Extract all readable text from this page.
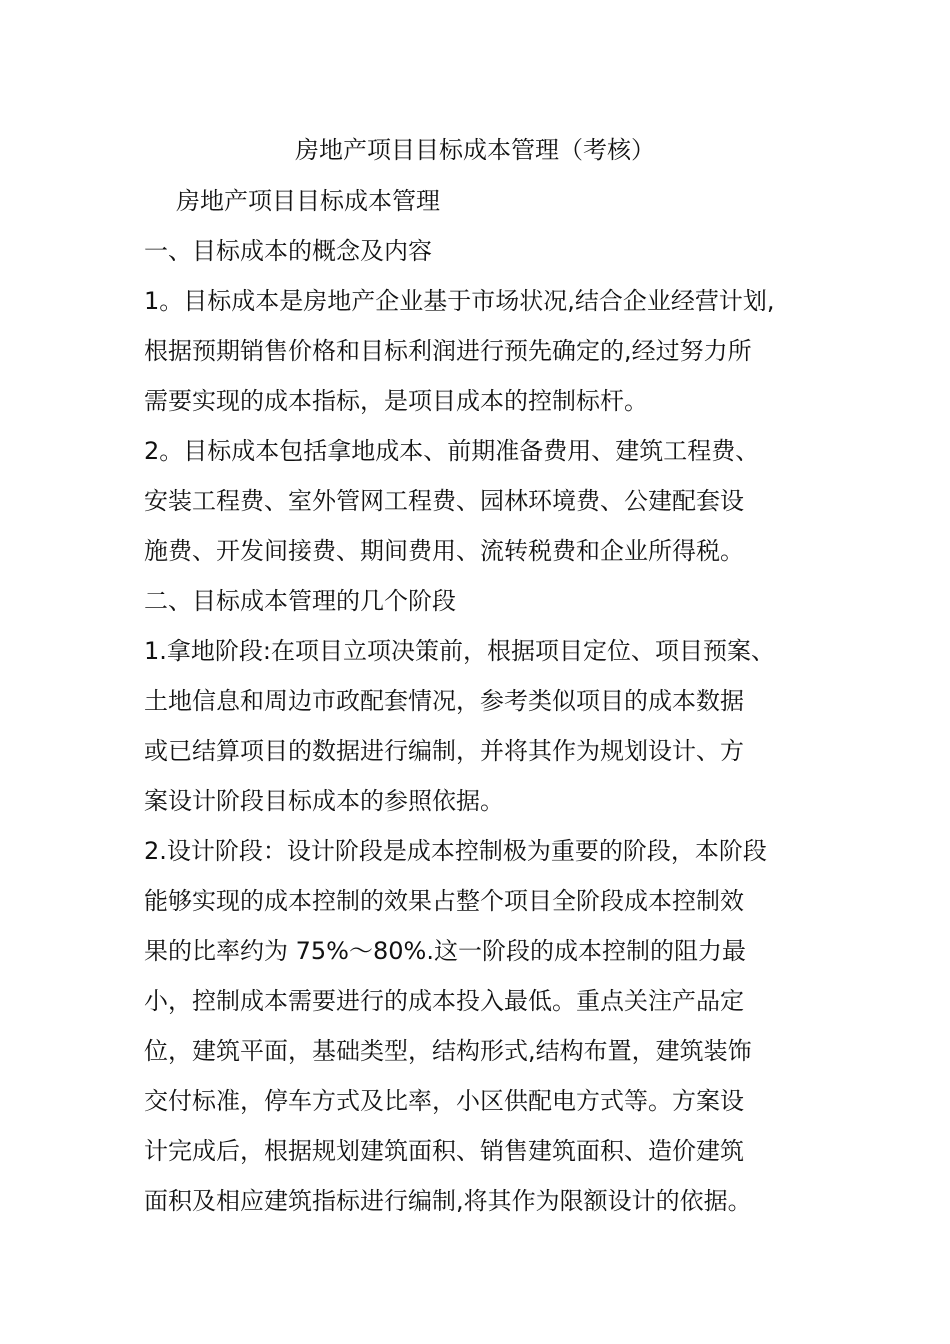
房地产项目目标成本管理（考核）
房地产项目目标成本管理
一、目标成本的概念及内容
1。目标成本是房地产企业基于市场状况,结合企业经营计划,
根据预期销售价格和目标利润进行预先确定的,经过努力所
需要实现的成本指标，是项目成本的控制标杆。
2。目标成本包括拿地成本、前期准备费用、建筑工程费、
安装工程费、室外管网工程费、园林环境费、公建配套设
施费、开发间接费、期间费用、流转税费和企业所得税。
二、目标成本管理的几个阶段
1.拿地阶段:在项目立项决策前，根据项目定位、项目预案、
土地信息和周边市政配套情况，参考类似项目的成本数据
或已结算项目的数据进行编制，并将其作为规划设计、方
案设计阶段目标成本的参照依据。
2.设计阶段：设计阶段是成本控制极为重要的阶段，本阶段
能够实现的成本控制的效果占整个项目全阶段成本控制效
果的比率约为 75%～80%.这一阶段的成本控制的阻力最
小，控制成本需要进行的成本投入最低。重点关注产品定
位，建筑平面，基础类型，结构形式,结构布置，建筑装饰
交付标准，停车方式及比率，小区供配电方式等。方案设
计完成后，根据规划建筑面积、销售建筑面积、造价建筑
面积及相应建筑指标进行编制,将其作为限额设计的依据。
